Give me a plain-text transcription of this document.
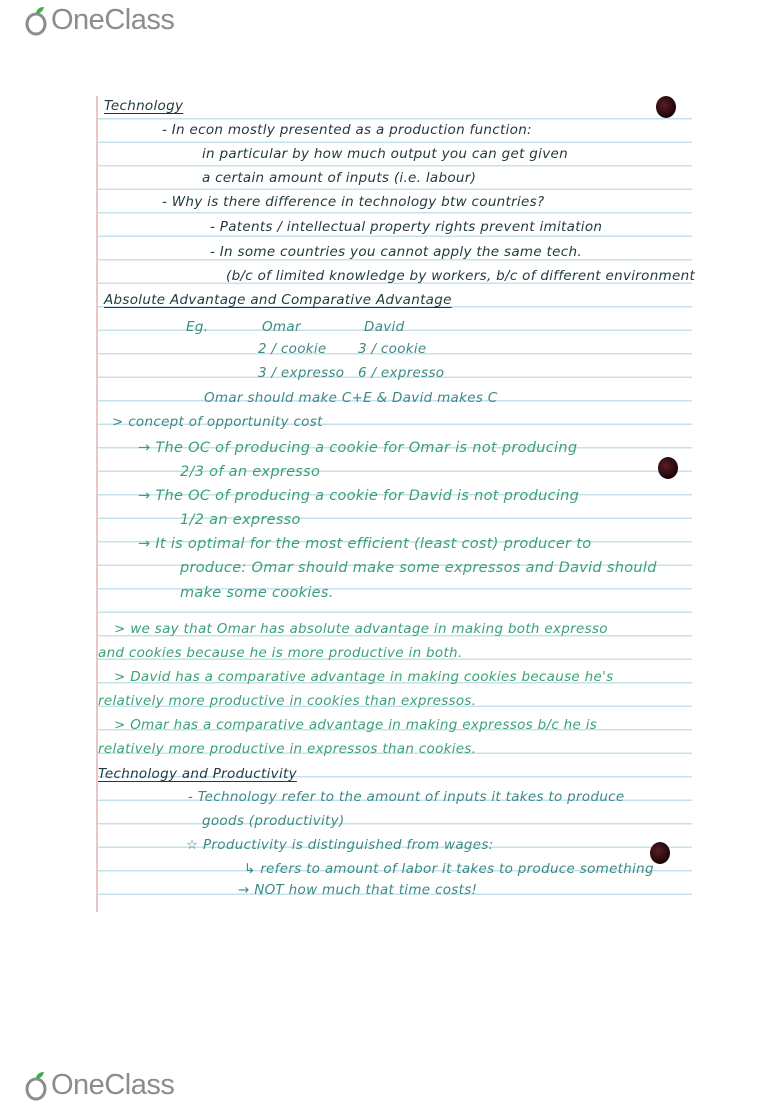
OneClass
Technology
- In econ mostly presented as a production function:
in particular by how much output you can get given
a certain amount of inputs (i.e. labour)
- Why is there difference in technology btw countries?
- Patents / intellectual property rights prevent imitation
- In some countries you cannot apply the same tech.
(b/c of limited knowledge by workers, b/c of different environment
Absolute Advantage and Comparative Advantage
Eg.	Omar	David
2 / cookie 3 / cookie
3 / expresso 6 / expresso
Omar should make C+E & David makes C
> concept of opportunity cost
→ The OC of producing a cookie for Omar is not producing
2/3 of an expresso
→ The OC of producing a cookie for David is not producing
1/2 an expresso
→ It is optimal for the most efficient (least cost) producer to
produce: Omar should make some expressos and David should
make some cookies.
> we say that Omar has absolute advantage in making both expresso
and cookies because he is more productive in both.
> David has a comparative advantage in making cookies because he's
relatively more productive in cookies than expressos.
> Omar has a comparative advantage in making expressos b/c he is
relatively more productive in expressos than cookies.
Technology and Productivity
- Technology refer to the amount of inputs it takes to produce
goods (productivity)
☆ Productivity is distinguished from wages:
↳ refers to amount of labor it takes to produce something
→ NOT how much that time costs!
OneClass
